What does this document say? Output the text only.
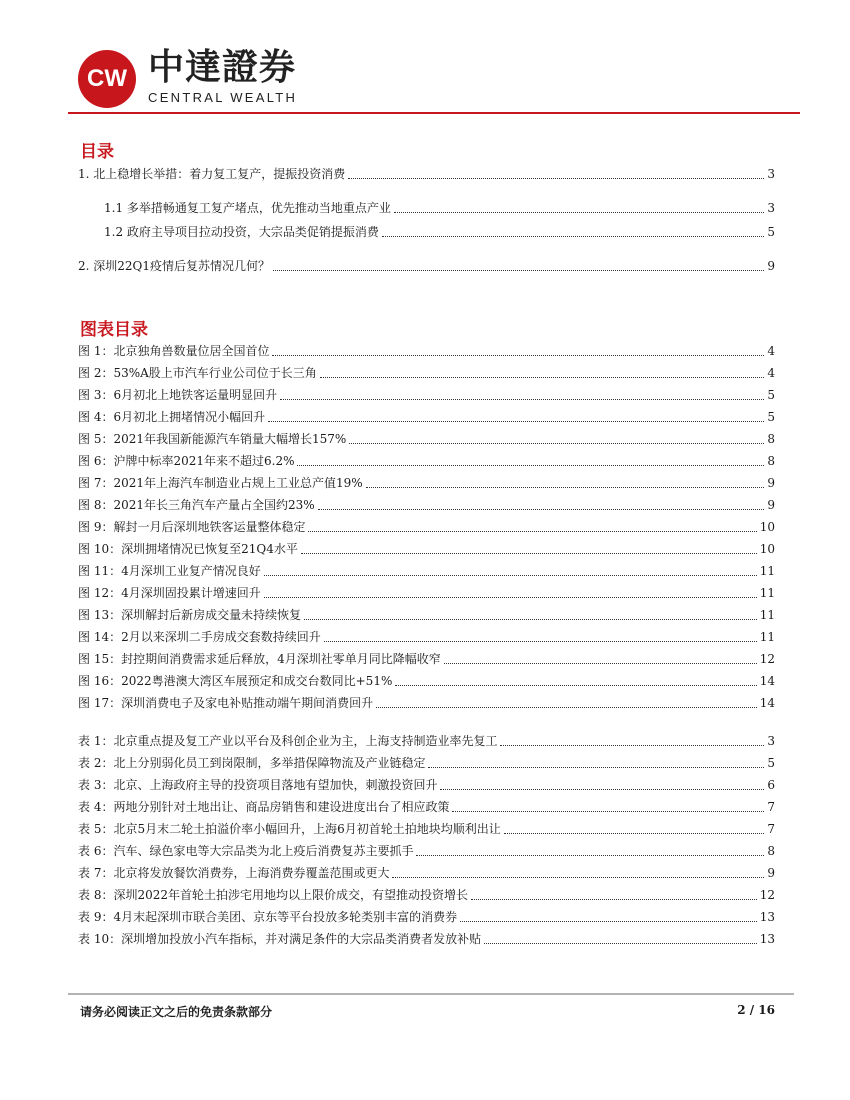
CW 中達證券
CENTRAL WEALTH
目录
1. 北上稳增长举措：着力复工复产，提振投资消费	3
1.1 多举措畅通复工复产堵点，优先推动当地重点产业	3
1.2 政府主导项目拉动投资，大宗品类促销提振消费	5
2. 深圳22Q1疫情后复苏情况几何？	9
图表目录
图 1：北京独角兽数量位居全国首位	4
图 2：53%A股上市汽车行业公司位于长三角	4
图 3：6月初北上地铁客运量明显回升	5
图 4：6月初北上拥堵情况小幅回升	5
图 5：2021年我国新能源汽车销量大幅增长157%	8
图 6：沪牌中标率2021年来不超过6.2%	8
图 7：2021年上海汽车制造业占规上工业总产值19%	9
图 8：2021年长三角汽车产量占全国约23%	9
图 9：解封一月后深圳地铁客运量整体稳定	10
图 10：深圳拥堵情况已恢复至21Q4水平	10
图 11：4月深圳工业复产情况良好	11
图 12：4月深圳固投累计增速回升	11
图 13：深圳解封后新房成交量未持续恢复	11
图 14：2月以来深圳二手房成交套数持续回升	11
图 15：封控期间消费需求延后释放，4月深圳社零单月同比降幅收窄	12
图 16：2022粤港澳大湾区车展预定和成交台数同比+51%	14
图 17：深圳消费电子及家电补贴推动端午期间消费回升	14
表 1：北京重点提及复工产业以平台及科创企业为主，上海支持制造业率先复工	3
表 2：北上分别弱化员工到岗限制，多举措保障物流及产业链稳定	5
表 3：北京、上海政府主导的投资项目落地有望加快，刺激投资回升	6
表 4：两地分别针对土地出让、商品房销售和建设进度出台了相应政策	7
表 5：北京5月末二轮土拍溢价率小幅回升，上海6月初首轮土拍地块均顺利出让	7
表 6：汽车、绿色家电等大宗品类为北上疫后消费复苏主要抓手	8
表 7：北京将发放餐饮消费券，上海消费券覆盖范围或更大	9
表 8：深圳2022年首轮土拍涉宅用地均以上限价成交，有望推动投资增长	12
表 9：4月末起深圳市联合美团、京东等平台投放多轮类别丰富的消费券	13
表 10：深圳增加投放小汽车指标，并对满足条件的大宗品类消费者发放补贴	13
请务必阅读正文之后的免责条款部分	2 / 16
